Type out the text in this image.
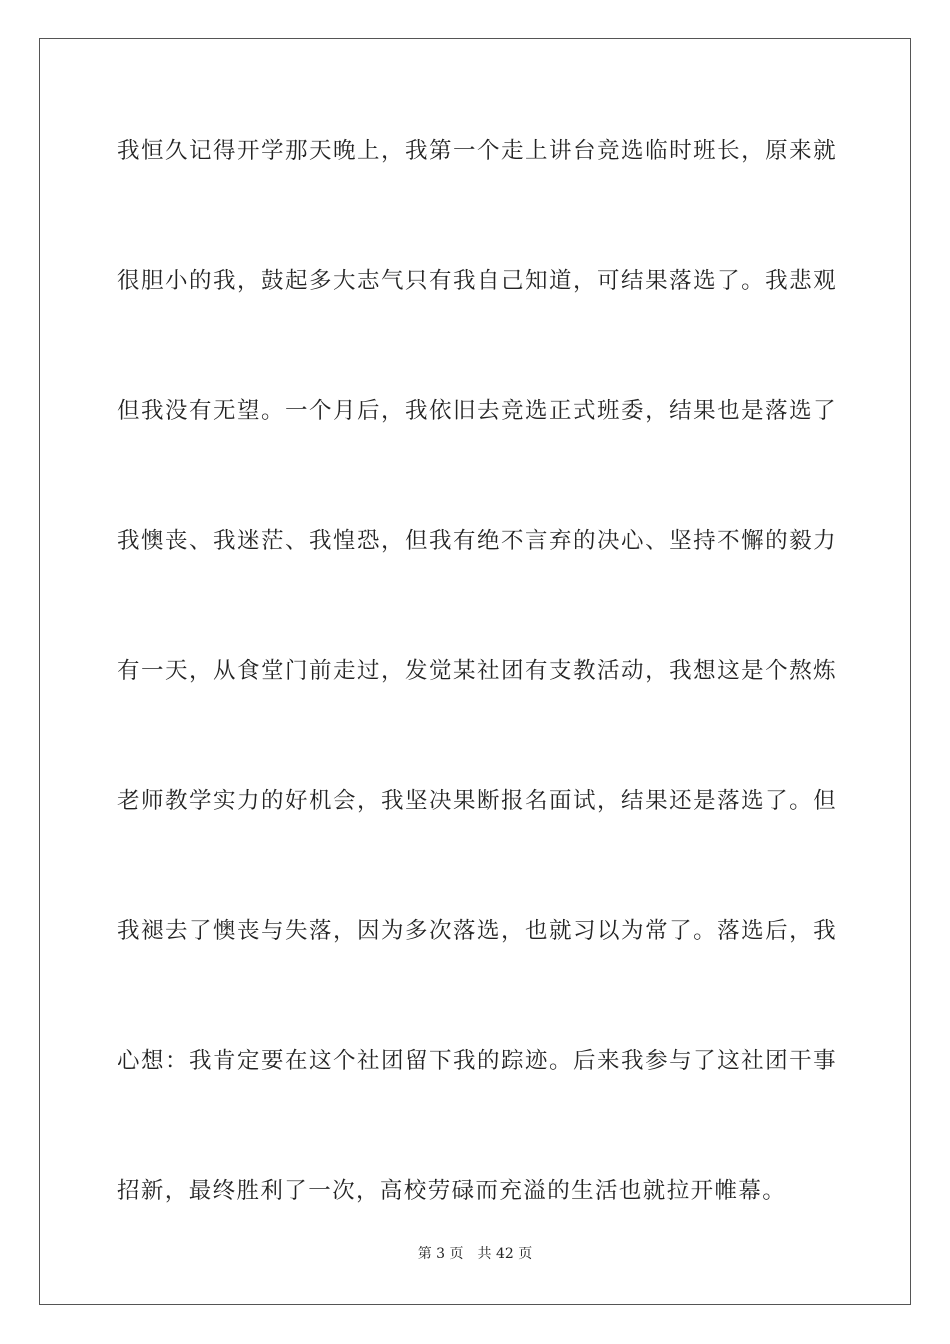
我恒久记得开学那天晚上，我第一个走上讲台竞选临时班长，原来就
很胆小的我，鼓起多大志气只有我自己知道，可结果落选了。我悲观
但我没有无望。一个月后，我依旧去竞选正式班委，结果也是落选了
我懊丧、我迷茫、我惶恐，但我有绝不言弃的决心、坚持不懈的毅力
有一天，从食堂门前走过，发觉某社团有支教活动，我想这是个熬炼
老师教学实力的好机会，我坚决果断报名面试，结果还是落选了。但
我褪去了懊丧与失落，因为多次落选，也就习以为常了。落选后，我
心想：我肯定要在这个社团留下我的踪迹。后来我参与了这社团干事
招新，最终胜利了一次，高校劳碌而充溢的生活也就拉开帷幕。
第 3 页 共 42 页
